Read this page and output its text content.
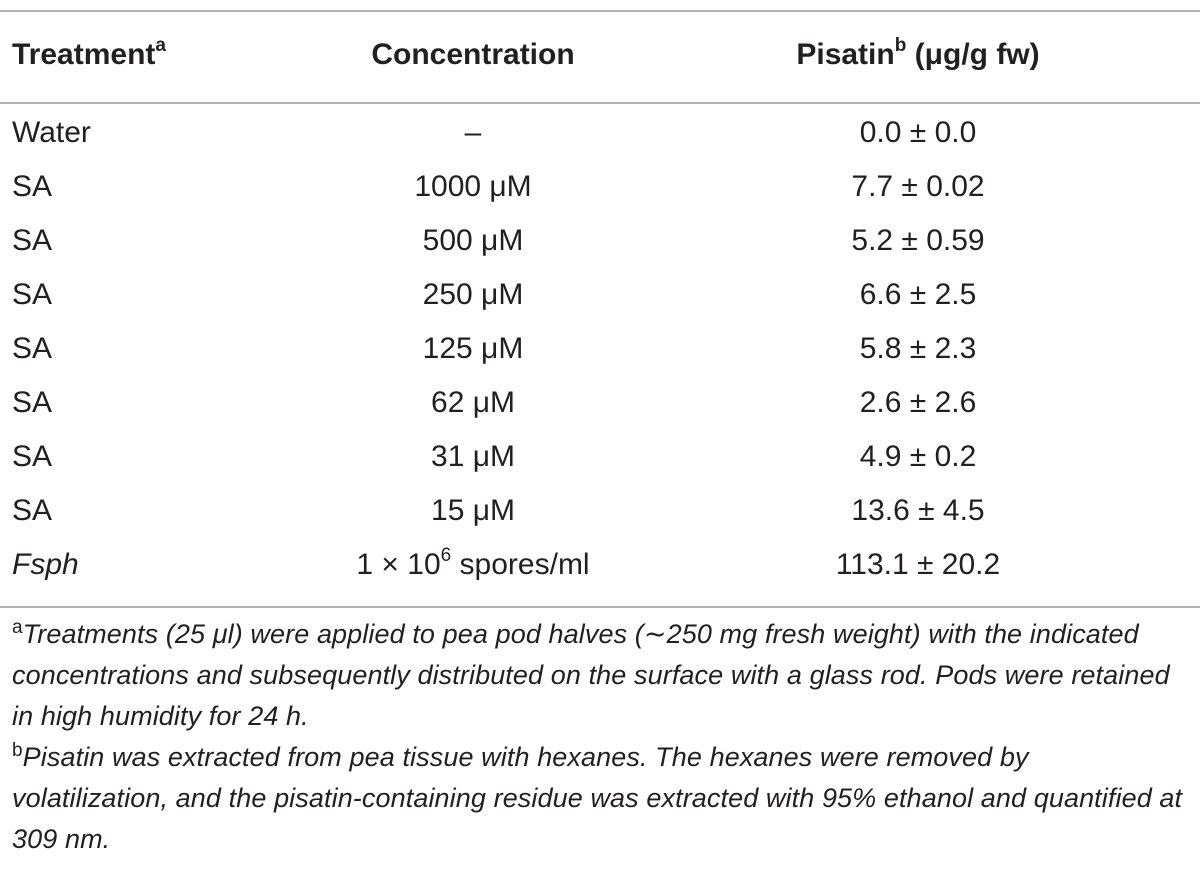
Treatment$^a$	Concentration	Pisatin$^b$ (μg/g fw)
Water	–	0.0 ± 0.0
SA	1000 μM	7.7 ± 0.02
SA	500 μM	5.2 ± 0.59
SA	250 μM	6.6 ± 2.5
SA	125 μM	5.8 ± 2.3
SA	62 μM	2.6 ± 2.6
SA	31 μM	4.9 ± 0.2
SA	15 μM	13.6 ± 4.5
Fsph	$1 \times 10^6$ spores/ml	113.1 ± 20.2

$^a$Treatments (25 μl) were applied to pea pod halves (∼250 mg fresh weight) with the indicated concentrations and subsequently distributed on the surface with a glass rod. Pods were retained in high humidity for 24 h.

$^b$Pisatin was extracted from pea tissue with hexanes. The hexanes were removed by volatilization, and the pisatin-containing residue was extracted with 95% ethanol and quantified at 309 nm.
